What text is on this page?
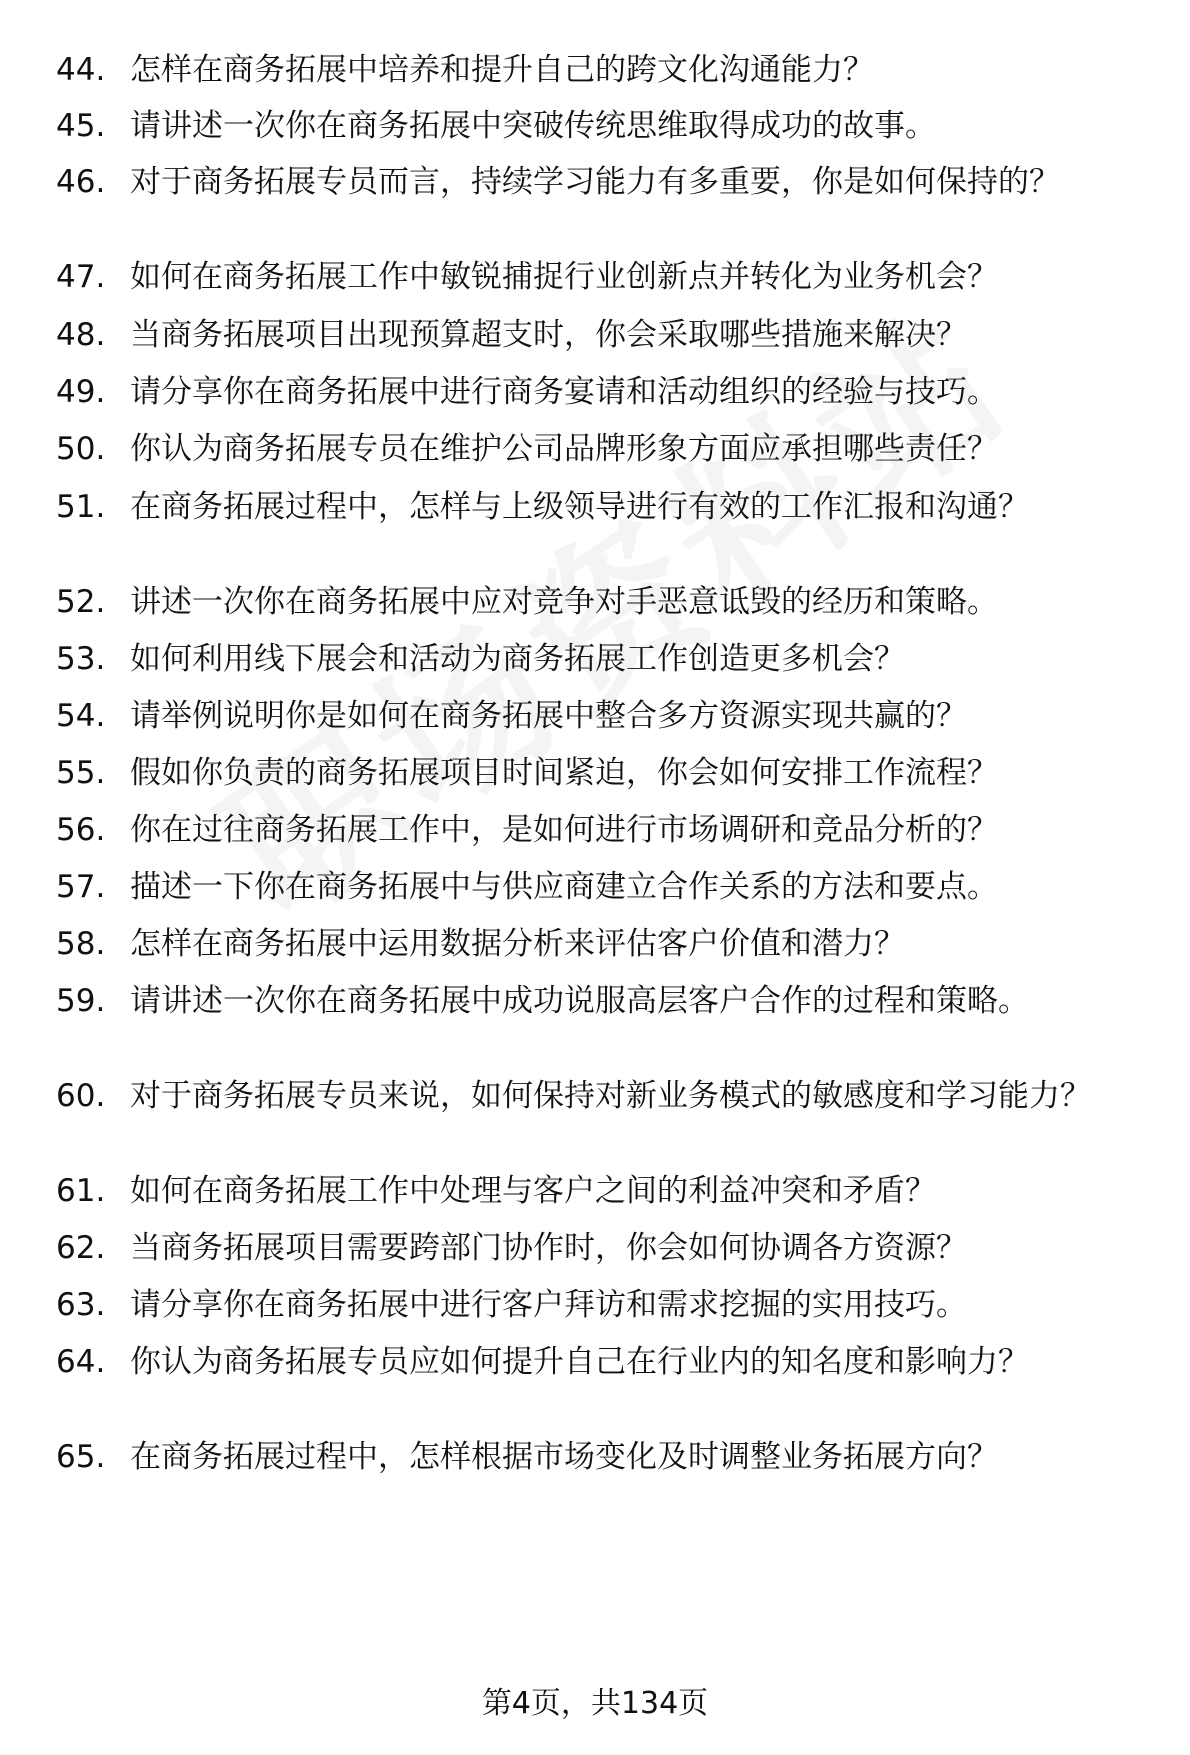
44. 怎样在商务拓展中培养和提升自己的跨文化沟通能力？
45. 请讲述一次你在商务拓展中突破传统思维取得成功的故事。
46. 对于商务拓展专员而言，持续学习能力有多重要，你是如何保持的？
47. 如何在商务拓展工作中敏锐捕捉行业创新点并转化为业务机会？
48. 当商务拓展项目出现预算超支时，你会采取哪些措施来解决？
49. 请分享你在商务拓展中进行商务宴请和活动组织的经验与技巧。
50. 你认为商务拓展专员在维护公司品牌形象方面应承担哪些责任？
51. 在商务拓展过程中，怎样与上级领导进行有效的工作汇报和沟通？
52. 讲述一次你在商务拓展中应对竞争对手恶意诋毁的经历和策略。
53. 如何利用线下展会和活动为商务拓展工作创造更多机会？
54. 请举例说明你是如何在商务拓展中整合多方资源实现共赢的？
55. 假如你负责的商务拓展项目时间紧迫，你会如何安排工作流程？
56. 你在过往商务拓展工作中，是如何进行市场调研和竞品分析的？
57. 描述一下你在商务拓展中与供应商建立合作关系的方法和要点。
58. 怎样在商务拓展中运用数据分析来评估客户价值和潜力？
59. 请讲述一次你在商务拓展中成功说服高层客户合作的过程和策略。
60. 对于商务拓展专员来说，如何保持对新业务模式的敏感度和学习能力？
61. 如何在商务拓展工作中处理与客户之间的利益冲突和矛盾？
62. 当商务拓展项目需要跨部门协作时，你会如何协调各方资源？
63. 请分享你在商务拓展中进行客户拜访和需求挖掘的实用技巧。
64. 你认为商务拓展专员应如何提升自己在行业内的知名度和影响力？
65. 在商务拓展过程中，怎样根据市场变化及时调整业务拓展方向？
第4页，共134页
